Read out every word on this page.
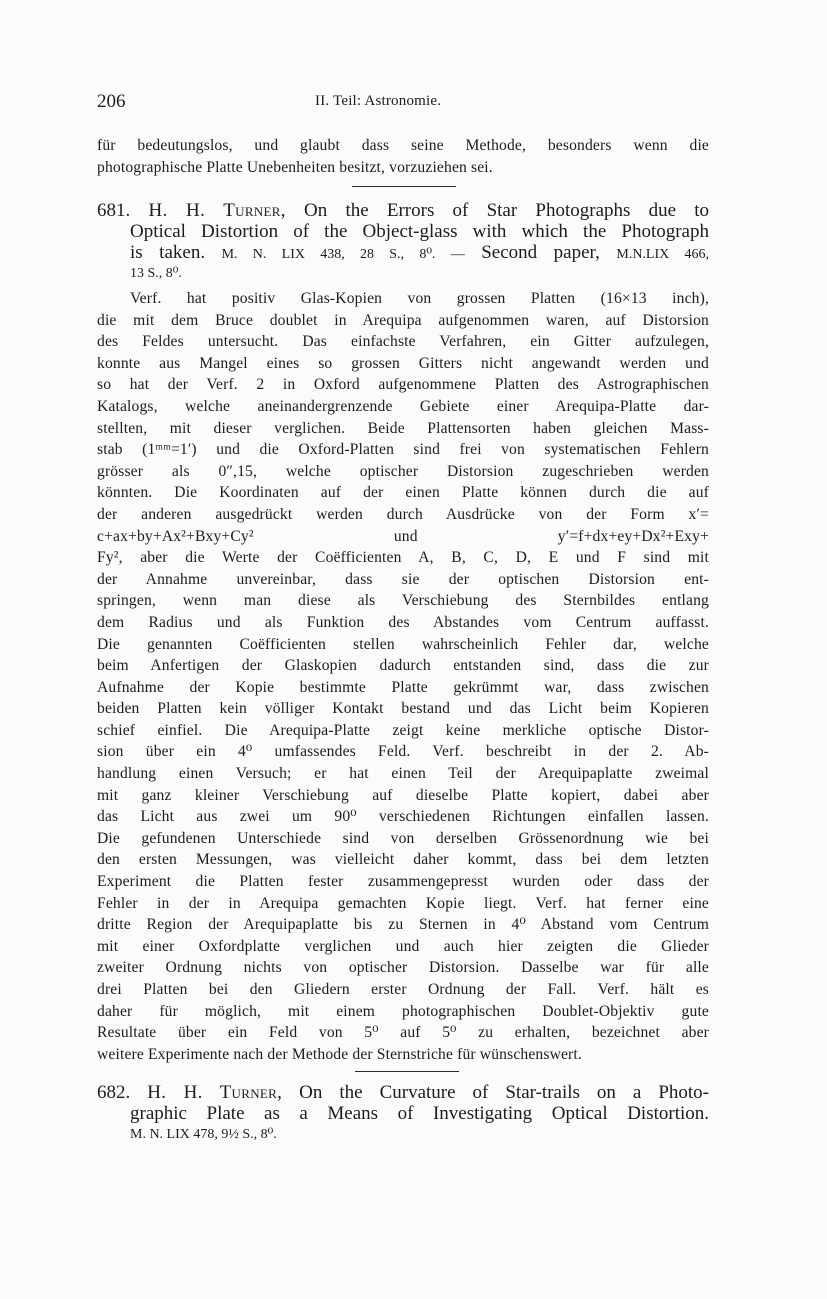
206	II. Teil: Astronomie.
für bedeutungslos, und glaubt dass seine Methode, besonders wenn die
photographische Platte Unebenheiten besitzt, vorzuziehen sei.
681. H. H. Turner, On the Errors of Star Photographs due to
Optical Distortion of the Object-glass with which the Photograph
is taken. M. N. LIX 438, 28 S., 8⁰. — Second paper, M.N.LIX 466,
13 S., 8⁰.
Verf. hat positiv Glas-Kopien von grossen Platten (16×13 inch),
die mit dem Bruce doublet in Arequipa aufgenommen waren, auf Distorsion
des Feldes untersucht. Das einfachste Verfahren, ein Gitter aufzulegen,
konnte aus Mangel eines so grossen Gitters nicht angewandt werden und
so hat der Verf. 2 in Oxford aufgenommene Platten des Astrographischen
Katalogs, welche aneinandergrenzende Gebiete einer Arequipa-Platte dar-
stellten, mit dieser verglichen. Beide Plattensorten haben gleichen Mass-
stab (1ᵐᵐ=1′) und die Oxford-Platten sind frei von systematischen Fehlern
grösser als 0″,15, welche optischer Distorsion zugeschrieben werden
könnten. Die Koordinaten auf der einen Platte können durch die auf
der anderen ausgedrückt werden durch Ausdrücke von der Form x′=
c+ax+by+Ax²+Bxy+Cy² und y′=f+dx+ey+Dx²+Exy+
Fy², aber die Werte der Coëfficienten A, B, C, D, E und F sind mit
der Annahme unvereinbar, dass sie der optischen Distorsion ent-
springen, wenn man diese als Verschiebung des Sternbildes entlang
dem Radius und als Funktion des Abstandes vom Centrum auffasst.
Die genannten Coëfficienten stellen wahrscheinlich Fehler dar, welche
beim Anfertigen der Glaskopien dadurch entstanden sind, dass die zur
Aufnahme der Kopie bestimmte Platte gekrümmt war, dass zwischen
beiden Platten kein völliger Kontakt bestand und das Licht beim Kopieren
schief einfiel. Die Arequipa-Platte zeigt keine merkliche optische Distor-
sion über ein 4⁰ umfassendes Feld. Verf. beschreibt in der 2. Ab-
handlung einen Versuch; er hat einen Teil der Arequipaplatte zweimal
mit ganz kleiner Verschiebung auf dieselbe Platte kopiert, dabei aber
das Licht aus zwei um 90⁰ verschiedenen Richtungen einfallen lassen.
Die gefundenen Unterschiede sind von derselben Grössenordnung wie bei
den ersten Messungen, was vielleicht daher kommt, dass bei dem letzten
Experiment die Platten fester zusammengepresst wurden oder dass der
Fehler in der in Arequipa gemachten Kopie liegt. Verf. hat ferner eine
dritte Region der Arequipaplatte bis zu Sternen in 4⁰ Abstand vom Centrum
mit einer Oxfordplatte verglichen und auch hier zeigten die Glieder
zweiter Ordnung nichts von optischer Distorsion. Dasselbe war für alle
drei Platten bei den Gliedern erster Ordnung der Fall. Verf. hält es
daher für möglich, mit einem photographischen Doublet-Objektiv gute
Resultate über ein Feld von 5⁰ auf 5⁰ zu erhalten, bezeichnet aber
weitere Experimente nach der Methode der Sternstriche für wünschenswert.
682. H. H. Turner, On the Curvature of Star-trails on a Photo-
graphic Plate as a Means of Investigating Optical Distortion.
M. N. LIX 478, 9½ S., 8⁰.
